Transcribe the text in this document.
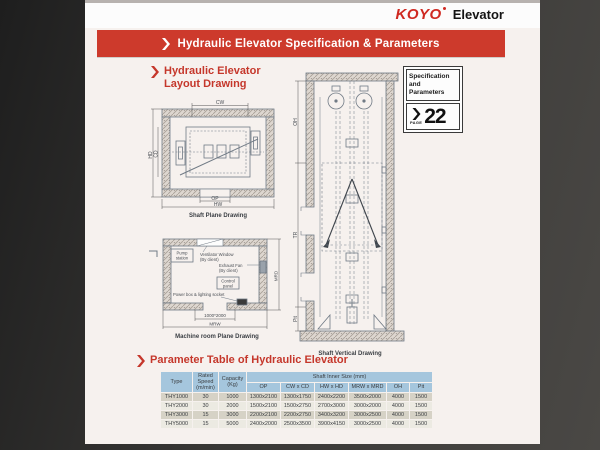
KOYO Elevator
Hydraulic Elevator Specification & Parameters
Hydraulic Elevator
Layout Drawing
Specification
and Parameters
PAGE 22
CW
HD CD
OP
HW
Shaft Plane Drawing
Pump
station
Ventilator Window
(By client)
Exhaust Fan
(By client)
Control
panel
Power box & lighting socket
1000*2000
MRW
MRD
Machine room Plane Drawing
OH
TR
Pit
Shaft Vertical Drawing
Parameter Table of Hydraulic Elevator
Type	Rated Speed (m/min)	Capacity (Kg)	Shaft Inner Size (mm)					
			OP	CW x CD	HW x HD	MRW x MRD	OH	Pit
THY1000	30	1000	1300x2100	1300x1750	2400x2200	3500x2000	4000	1500
THY2000	30	2000	1500x2100	1500x2750	2700x3000	3000x2000	4000	1500
THY3000	15	3000	2200x2100	2200x2750	3400x3200	3000x2500	4000	1500
THY5000	15	5000	2400x2000	2500x3500	3900x4150	3000x2500	4000	1500
